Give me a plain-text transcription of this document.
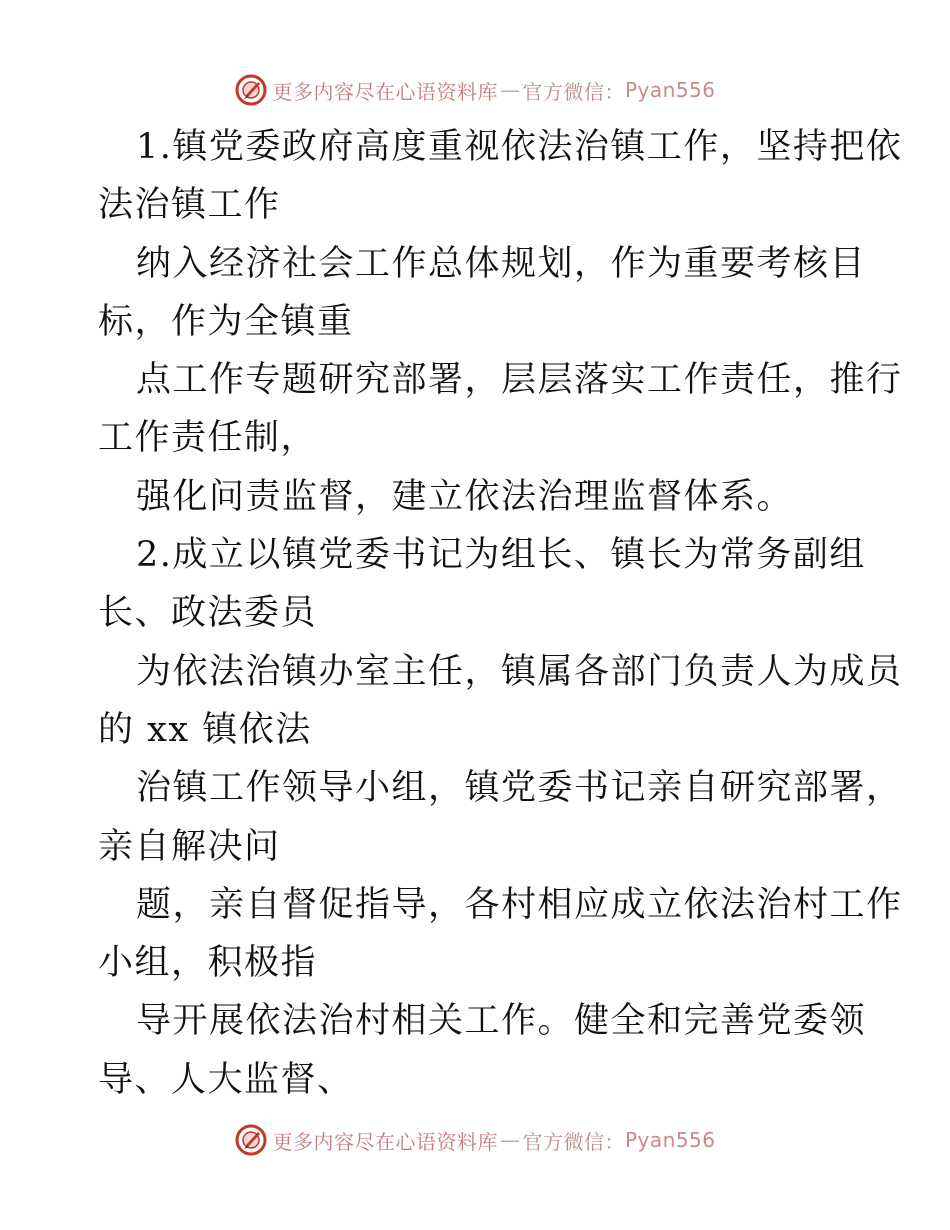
更多内容尽在心语资料库 — 官方微信： Pyan556
1.镇党委政府高度重视依法治镇工作，坚持把依
法治镇工作
纳入经济社会工作总体规划，作为重要考核目
标，作为全镇重
点工作专题研究部署，层层落实工作责任，推行
工作责任制，
强化问责监督，建立依法治理监督体系。
2.成立以镇党委书记为组长、镇长为常务副组
长、政法委员
为依法治镇办室主任，镇属各部门负责人为成员
的 xx 镇依法
治镇工作领导小组，镇党委书记亲自研究部署，
亲自解决问
题，亲自督促指导，各村相应成立依法治村工作
小组，积极指
导开展依法治村相关工作。健全和完善党委领
导、人大监督、
更多内容尽在心语资料库 — 官方微信： Pyan556
